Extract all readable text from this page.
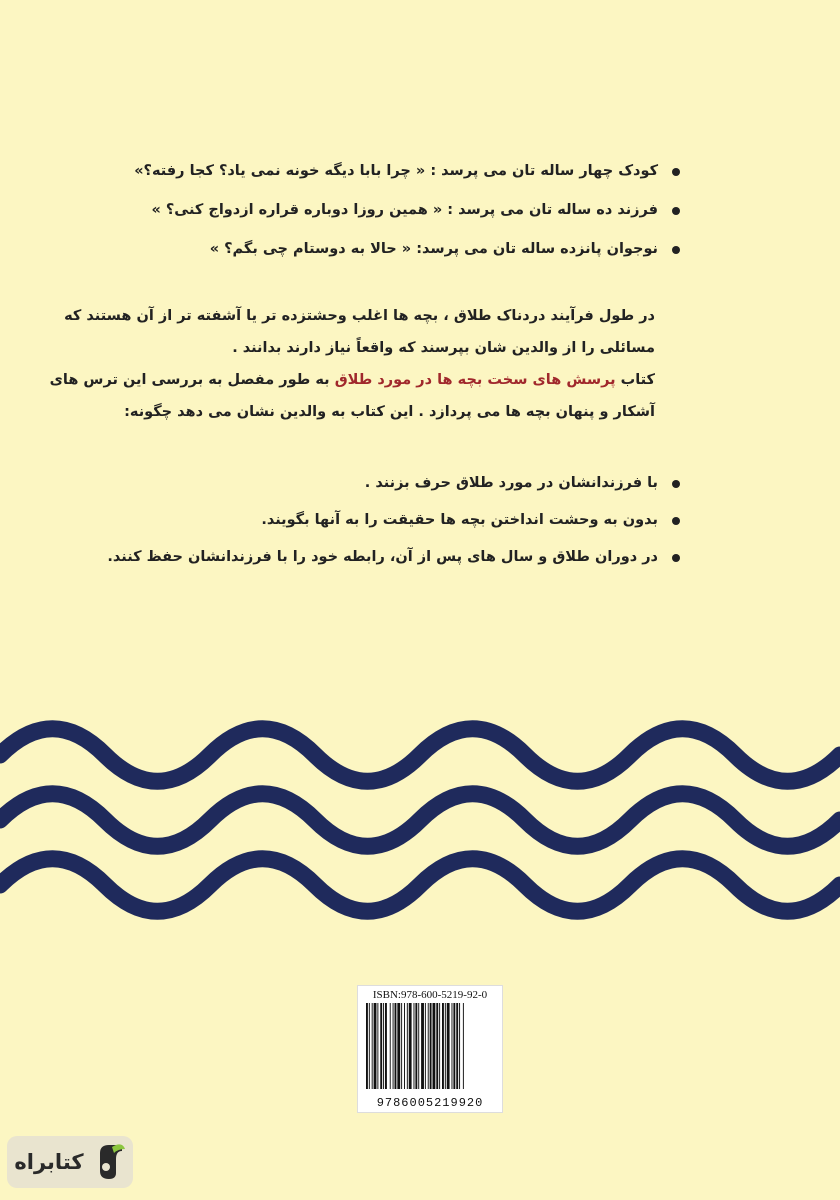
کودک چهار ساله تان می پرسد : « چرا بابا دیگه خونه نمی یاد؟ کجا رفته؟»
فرزند ده ساله تان می پرسد : « همین روزا دوباره قراره ازدواج کنی؟ »
نوجوان پانزده ساله تان می پرسد: « حالا به دوستام چی بگم؟ »

در طول فرآیند دردناک طلاق ، بچه ها اغلب وحشتزده تر یا آشفته تر از آن هستند که

مسائلی را از والدین شان بپرسند که واقعاً نیاز دارند بدانند .

کتاب پرسش های سخت بچه ها در مورد طلاق به طور مفصل به بررسی این ترس های

آشکار و پنهان بچه ها می پردازد . این کتاب به والدین نشان می دهد چگونه:

با فرزندانشان در مورد طلاق حرف بزنند .
بدون به وحشت انداختن بچه ها حقیقت را به آنها بگویند.
در دوران طلاق و سال های پس از آن، رابطه خود را با فرزندانشان حفظ کنند.
ISBN:978-600-5219-92-0
9786005219920
کتابراه
